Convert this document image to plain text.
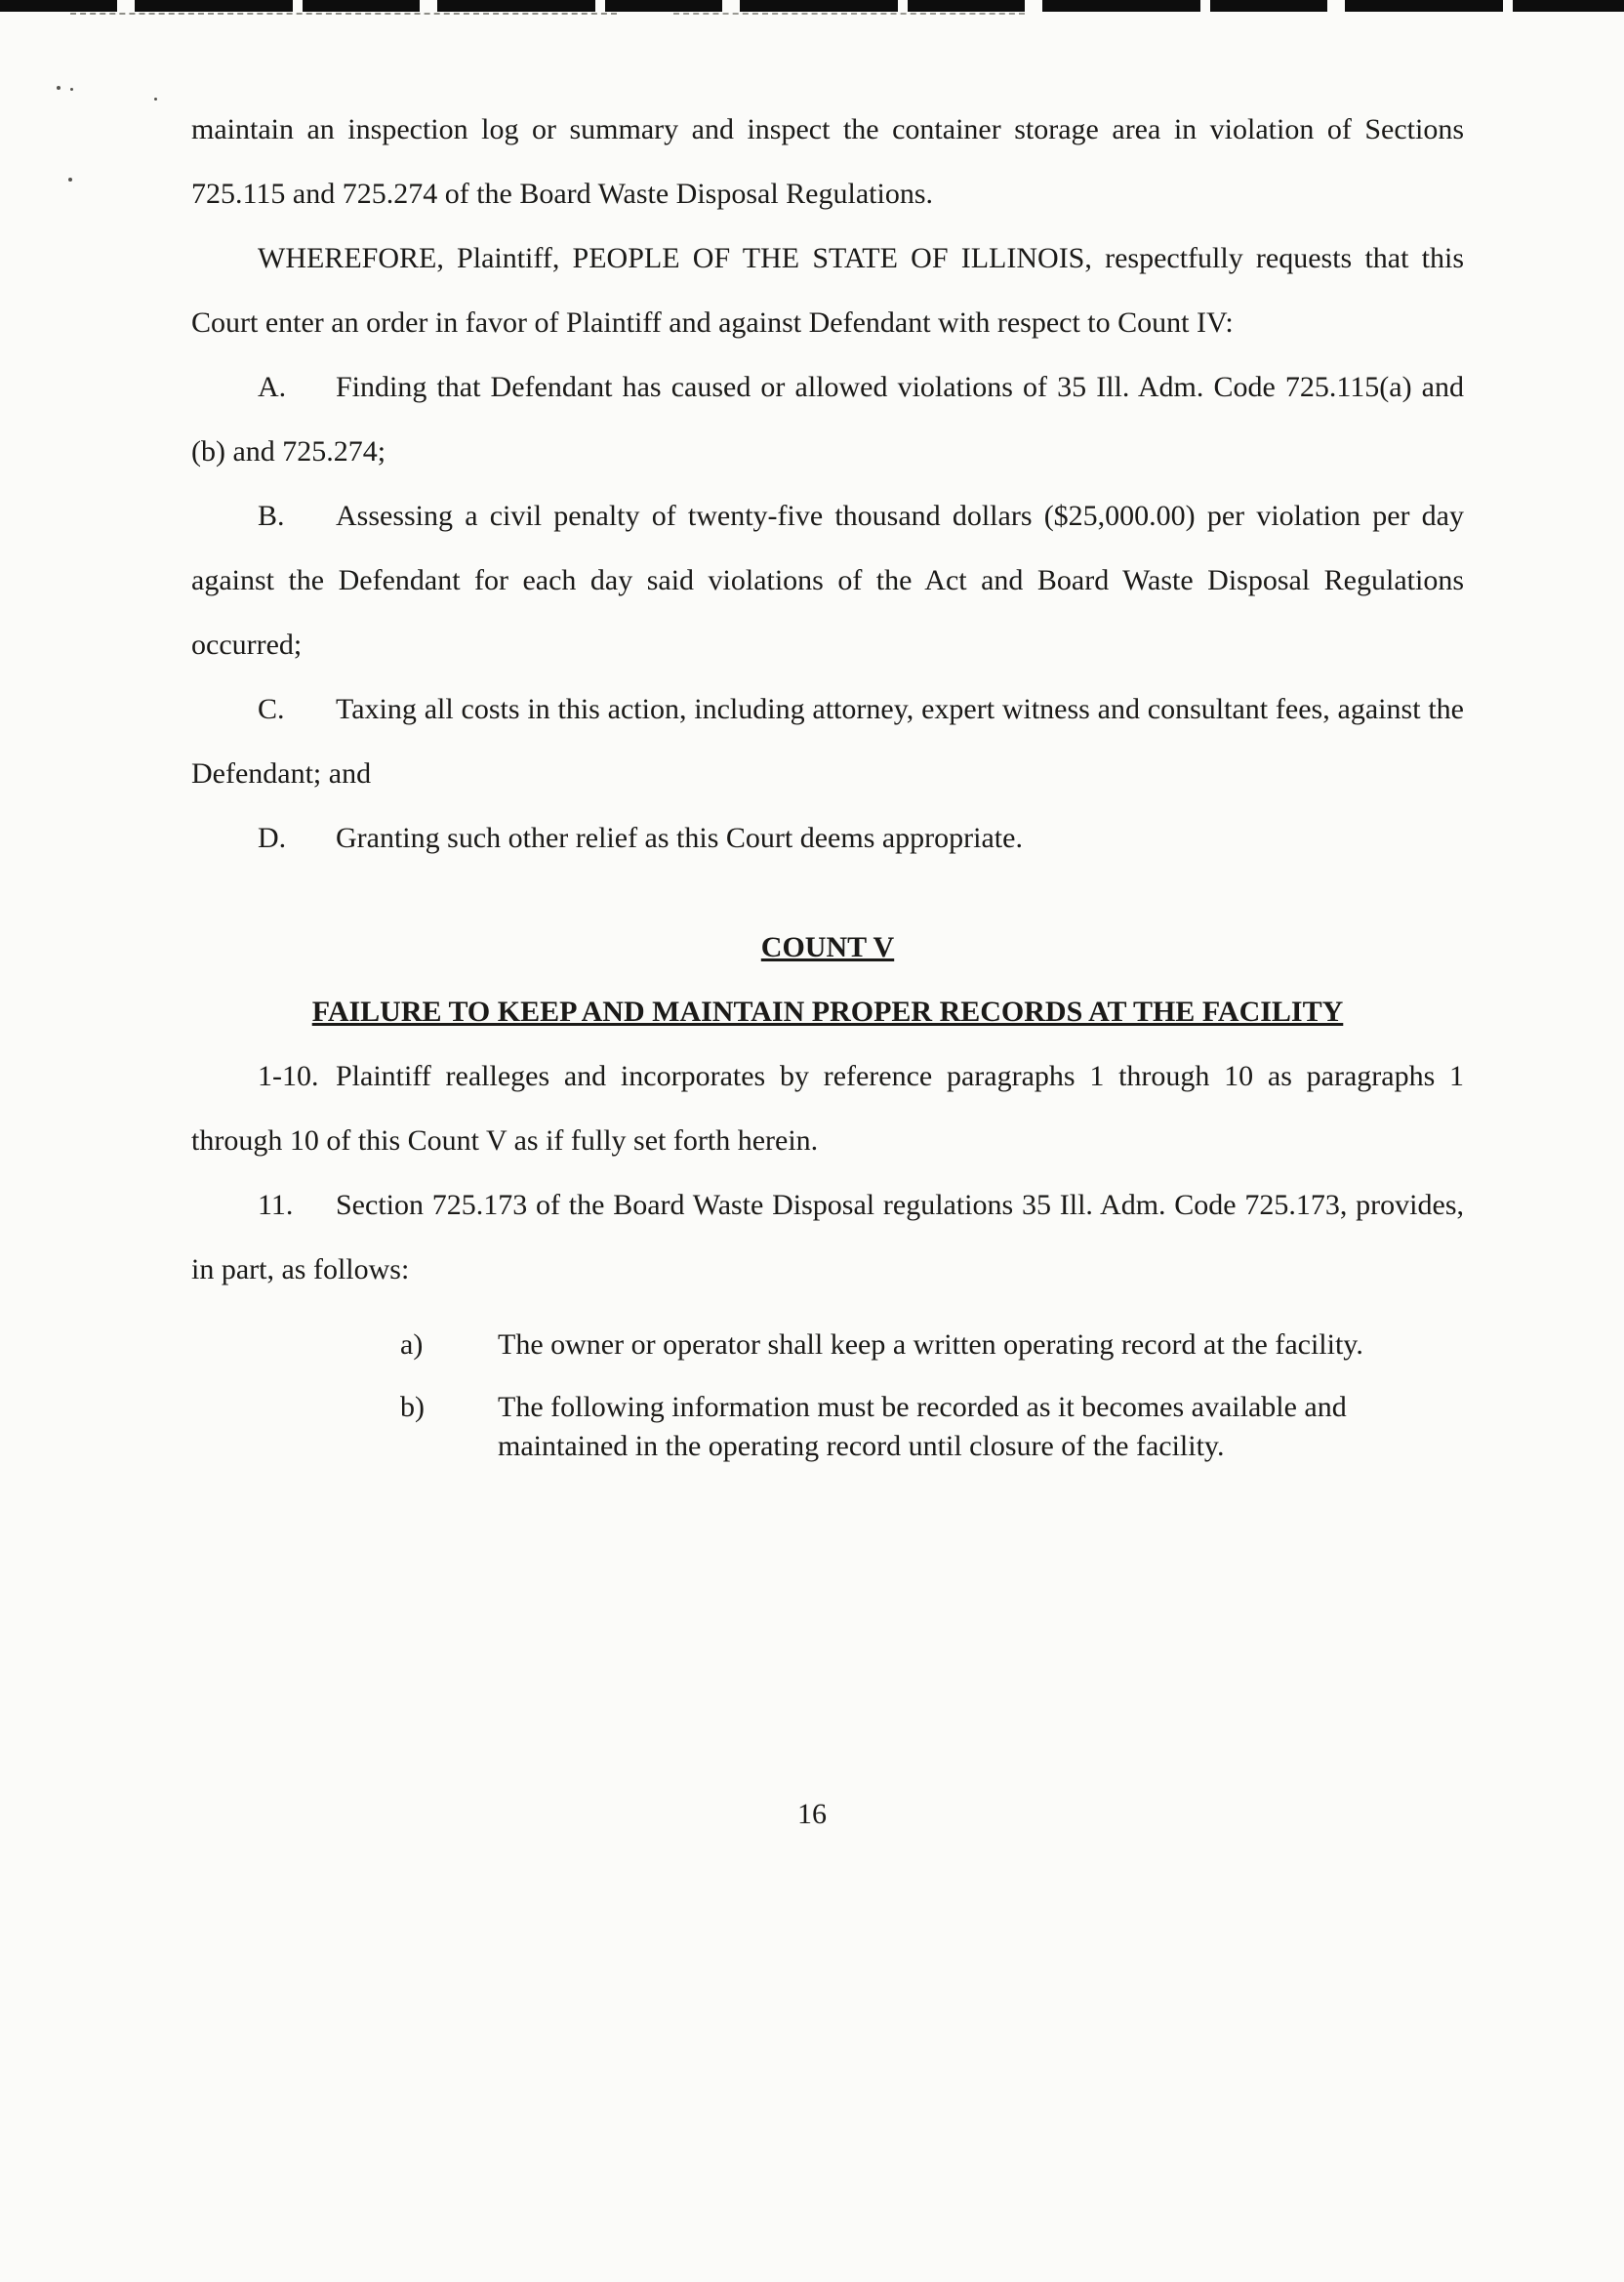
maintain an inspection log or summary and inspect the container storage area in violation of Sections 725.115 and 725.274 of the Board Waste Disposal Regulations.

WHEREFORE, Plaintiff, PEOPLE OF THE STATE OF ILLINOIS, respectfully requests that this Court enter an order in favor of Plaintiff and against Defendant with respect to Count IV:

A. Finding that Defendant has caused or allowed violations of 35 Ill. Adm. Code 725.115(a) and (b) and 725.274;

B. Assessing a civil penalty of twenty-five thousand dollars ($25,000.00) per violation per day against the Defendant for each day said violations of the Act and Board Waste Disposal Regulations occurred;

C. Taxing all costs in this action, including attorney, expert witness and consultant fees, against the Defendant; and

D. Granting such other relief as this Court deems appropriate.

COUNT V

FAILURE TO KEEP AND MAINTAIN PROPER RECORDS AT THE FACILITY

1-10. Plaintiff realleges and incorporates by reference paragraphs 1 through 10 as paragraphs 1 through 10 of this Count V as if fully set forth herein.

11. Section 725.173 of the Board Waste Disposal regulations 35 Ill. Adm. Code 725.173, provides, in part, as follows:

a)	The owner or operator shall keep a written operating record at the facility.
b)	The following information must be recorded as it becomes available and maintained in the operating record until closure of the facility.
16
